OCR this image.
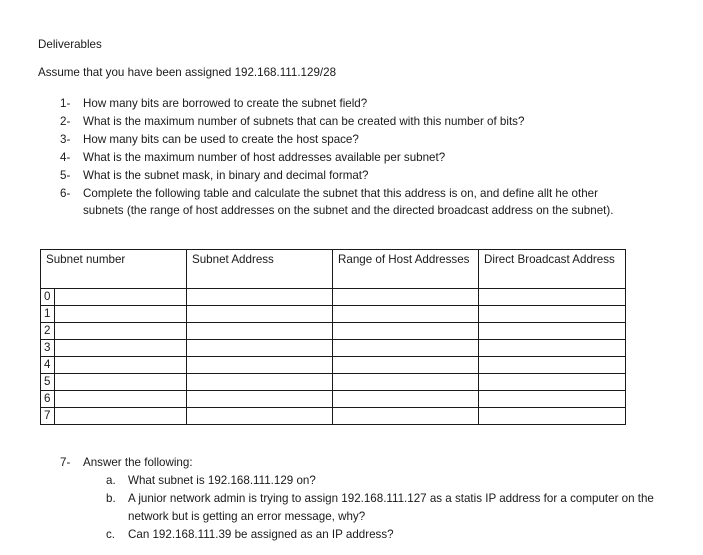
Deliverables
Assume that you have been assigned 192.168.111.129/28
1-	How many bits are borrowed to create the subnet field?
2-	What is the maximum number of subnets that can be created with this number of bits?
3-	How many bits can be used to create the host space?
4-	What is the maximum number of host addresses available per subnet?
5-	What is the subnet mask, in binary and decimal format?
6-	Complete the following table and calculate the subnet that this address is on, and define allt he other subnets (the range of host addresses on the subnet and the directed broadcast address on the subnet).
Subnet number	Subnet Address	Range of Host Addresses	Direct Broadcast Address

0			

1			

2			

3			

4			

5			

6			

7			

7-	Answer the following:
a.	What subnet is 192.168.111.129 on?
b.	A junior network admin is trying to assign 192.168.111.127 as a statis IP address for a computer on the network but is getting an error message, why?
c.	Can 192.168.111.39 be assigned as an IP address?
